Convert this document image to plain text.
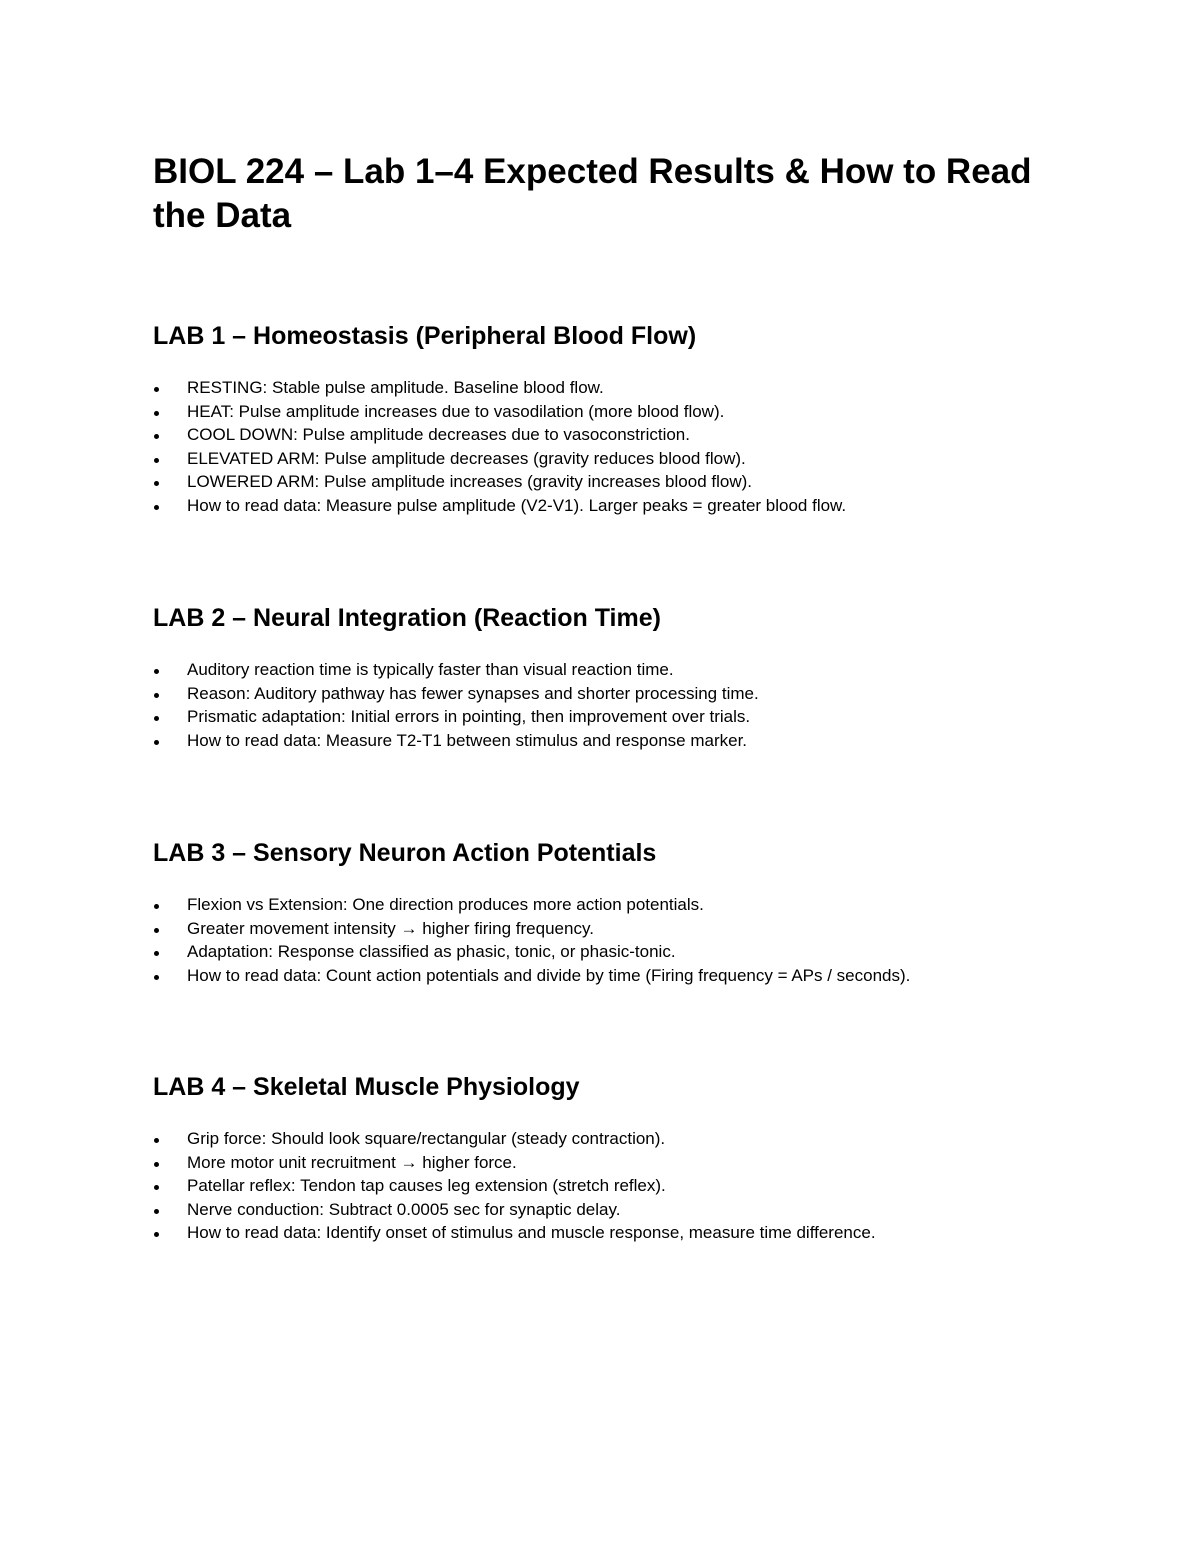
BIOL 224 – Lab 1–4 Expected Results & How to Read the Data
LAB 1 – Homeostasis (Peripheral Blood Flow)
RESTING: Stable pulse amplitude. Baseline blood flow.
HEAT: Pulse amplitude increases due to vasodilation (more blood flow).
COOL DOWN: Pulse amplitude decreases due to vasoconstriction.
ELEVATED ARM: Pulse amplitude decreases (gravity reduces blood flow).
LOWERED ARM: Pulse amplitude increases (gravity increases blood flow).
How to read data: Measure pulse amplitude (V2-V1). Larger peaks = greater blood flow.
LAB 2 – Neural Integration (Reaction Time)
Auditory reaction time is typically faster than visual reaction time.
Reason: Auditory pathway has fewer synapses and shorter processing time.
Prismatic adaptation: Initial errors in pointing, then improvement over trials.
How to read data: Measure T2-T1 between stimulus and response marker.
LAB 3 – Sensory Neuron Action Potentials
Flexion vs Extension: One direction produces more action potentials.
Greater movement intensity → higher firing frequency.
Adaptation: Response classified as phasic, tonic, or phasic-tonic.
How to read data: Count action potentials and divide by time (Firing frequency = APs / seconds).
LAB 4 – Skeletal Muscle Physiology
Grip force: Should look square/rectangular (steady contraction).
More motor unit recruitment → higher force.
Patellar reflex: Tendon tap causes leg extension (stretch reflex).
Nerve conduction: Subtract 0.0005 sec for synaptic delay.
How to read data: Identify onset of stimulus and muscle response, measure time difference.
